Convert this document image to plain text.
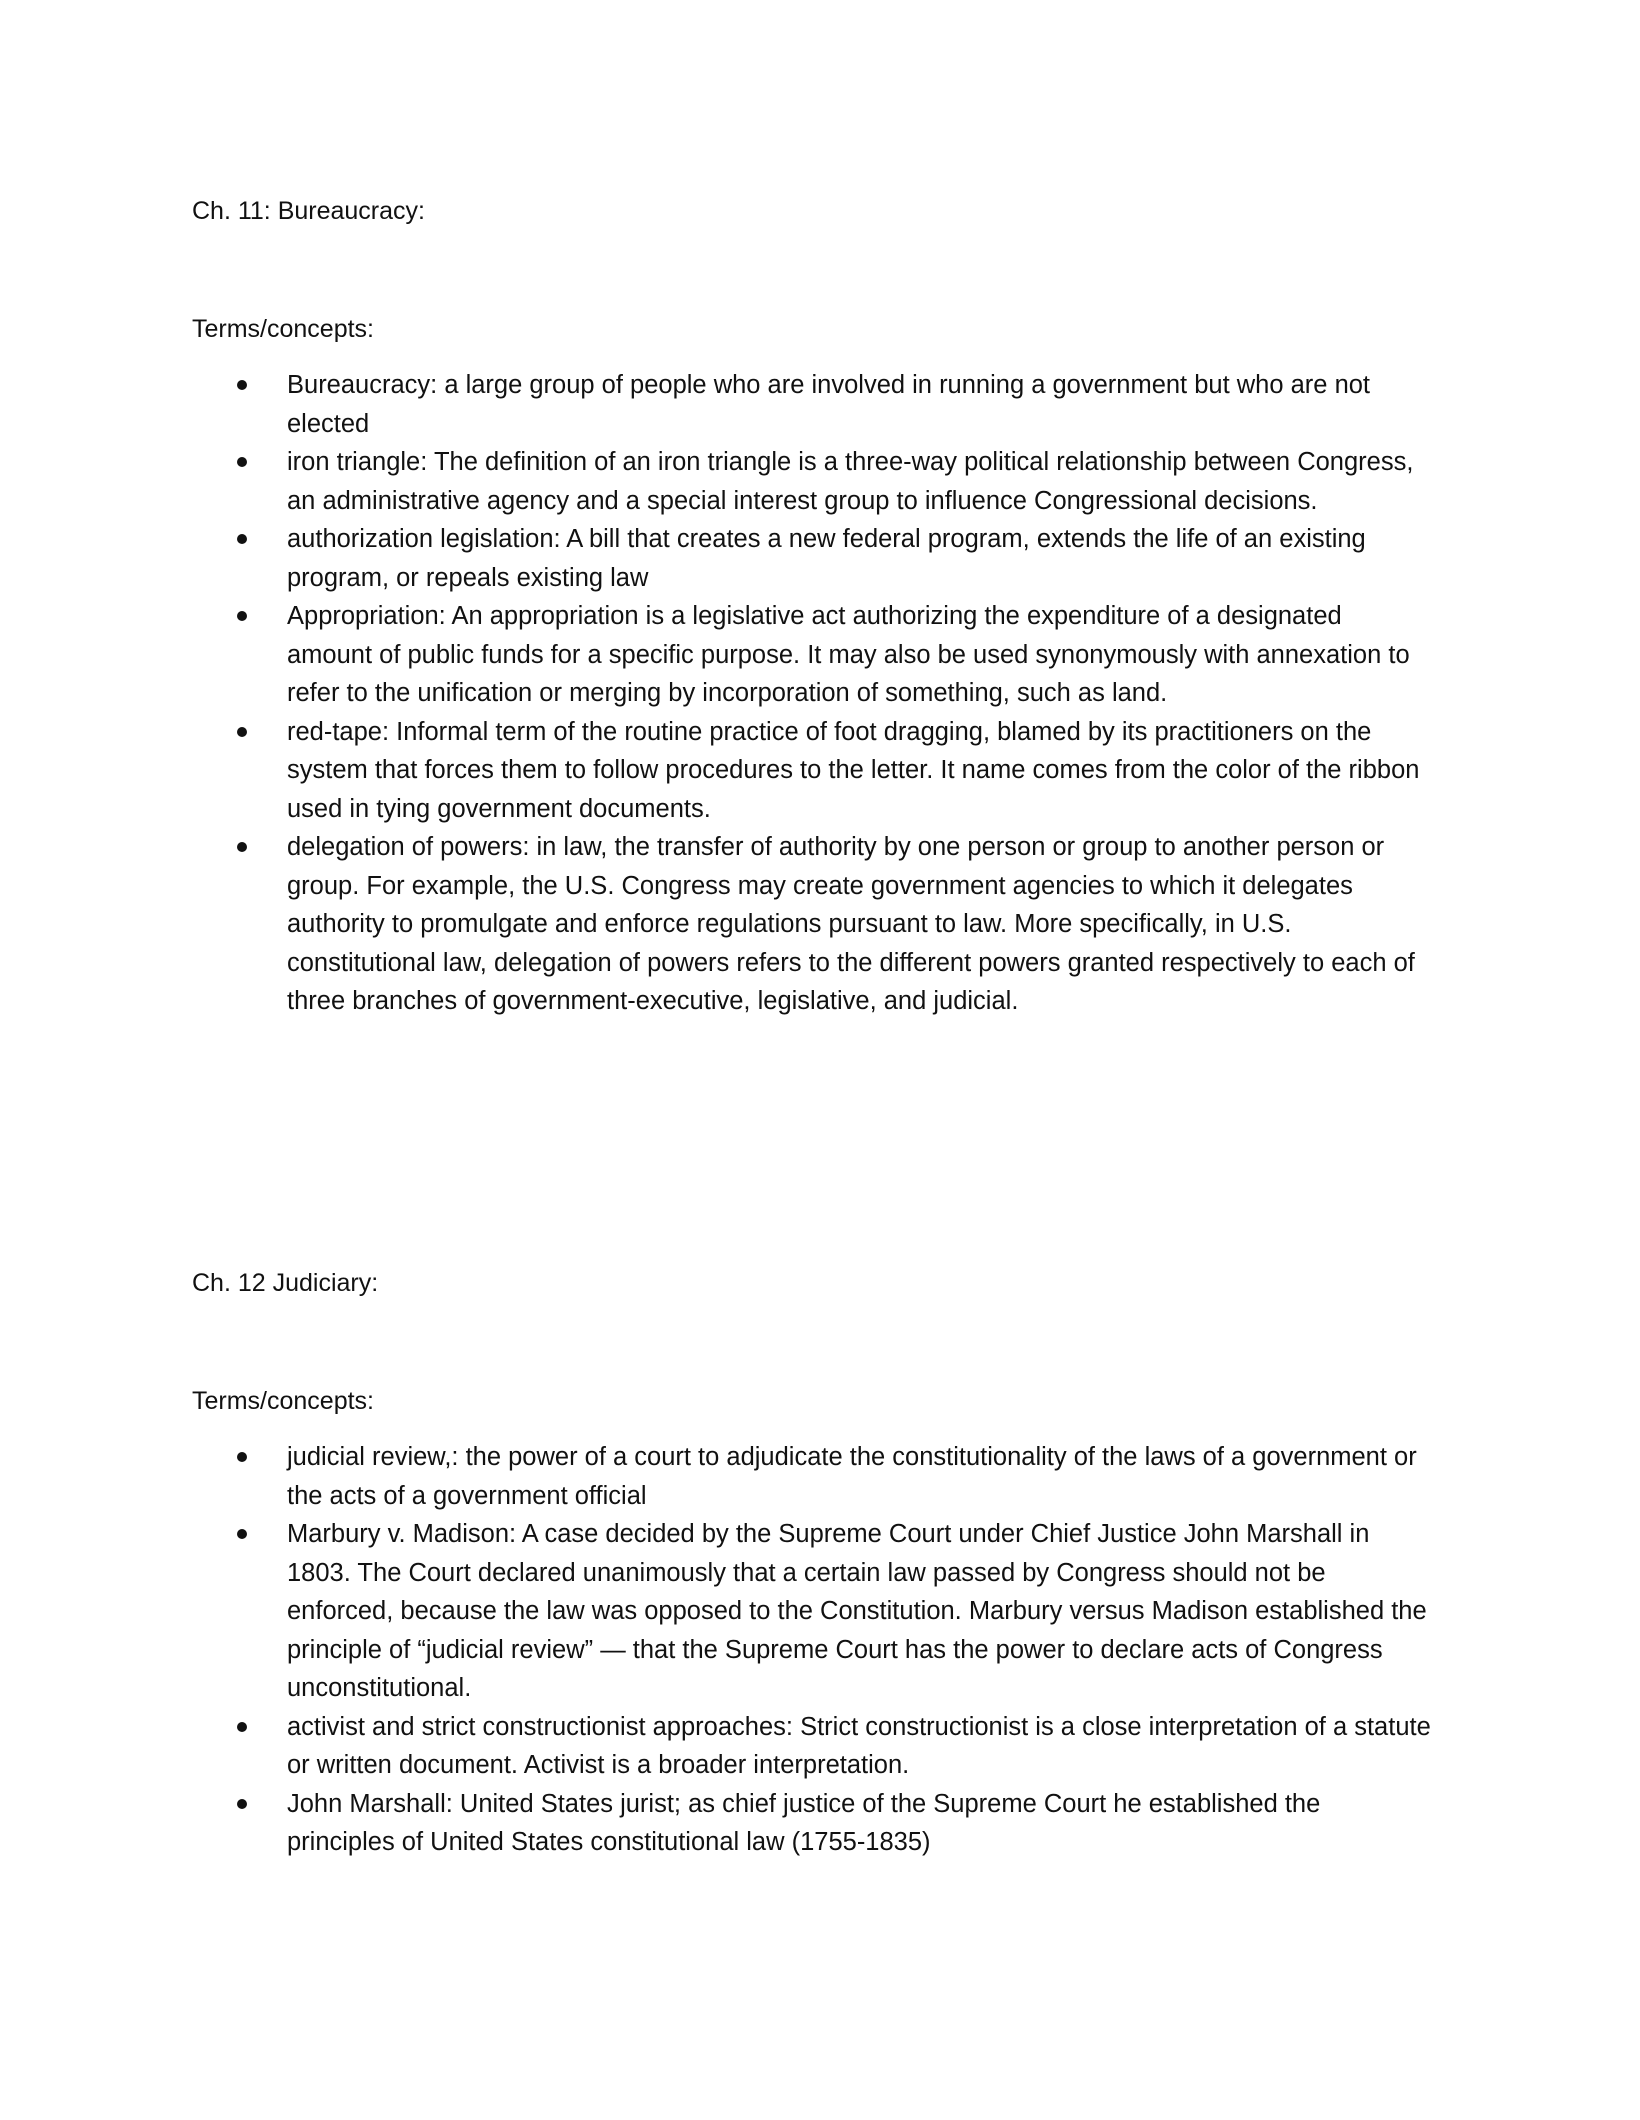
Ch. 11: Bureaucracy:

Terms/concepts:

Bureaucracy: a large group of people who are involved in running a government but who are not elected
iron triangle: The definition of an iron triangle is a three-way political relationship between Congress, an administrative agency and a special interest group to influence Congressional decisions.
authorization legislation: A bill that creates a new federal program, extends the life of an existing program, or repeals existing law
Appropriation: An appropriation is a legislative act authorizing the expenditure of a designated amount of public funds for a specific purpose. It may also be used synonymously with annexation to refer to the unification or merging by incorporation of something, such as land.
red-tape: Informal term of the routine practice of foot dragging, blamed by its practitioners on the system that forces them to follow procedures to the letter. It name comes from the color of the ribbon used in tying government documents.
delegation of powers: in law, the transfer of authority by one person or group to another person or group. For example, the U.S. Congress may create government agencies to which it delegates authority to promulgate and enforce regulations pursuant to law. More specifically, in U.S. constitutional law, delegation of powers refers to the different powers granted respectively to each of three branches of government-executive, legislative, and judicial.

Ch. 12 Judiciary:

Terms/concepts:

judicial review,: the power of a court to adjudicate the constitutionality of the laws of a government or the acts of a government official
Marbury v. Madison: A case decided by the Supreme Court under Chief Justice John Marshall in 1803. The Court declared unanimously that a certain law passed by Congress should not be enforced, because the law was opposed to the Constitution. Marbury versus Madison established the principle of “judicial review” — that the Supreme Court has the power to declare acts of Congress unconstitutional.
activist and strict constructionist approaches: Strict constructionist is a close interpretation of a statute or written document. Activist is a broader interpretation.
John Marshall: United States jurist; as chief justice of the Supreme Court he established the principles of United States constitutional law (1755-1835)
